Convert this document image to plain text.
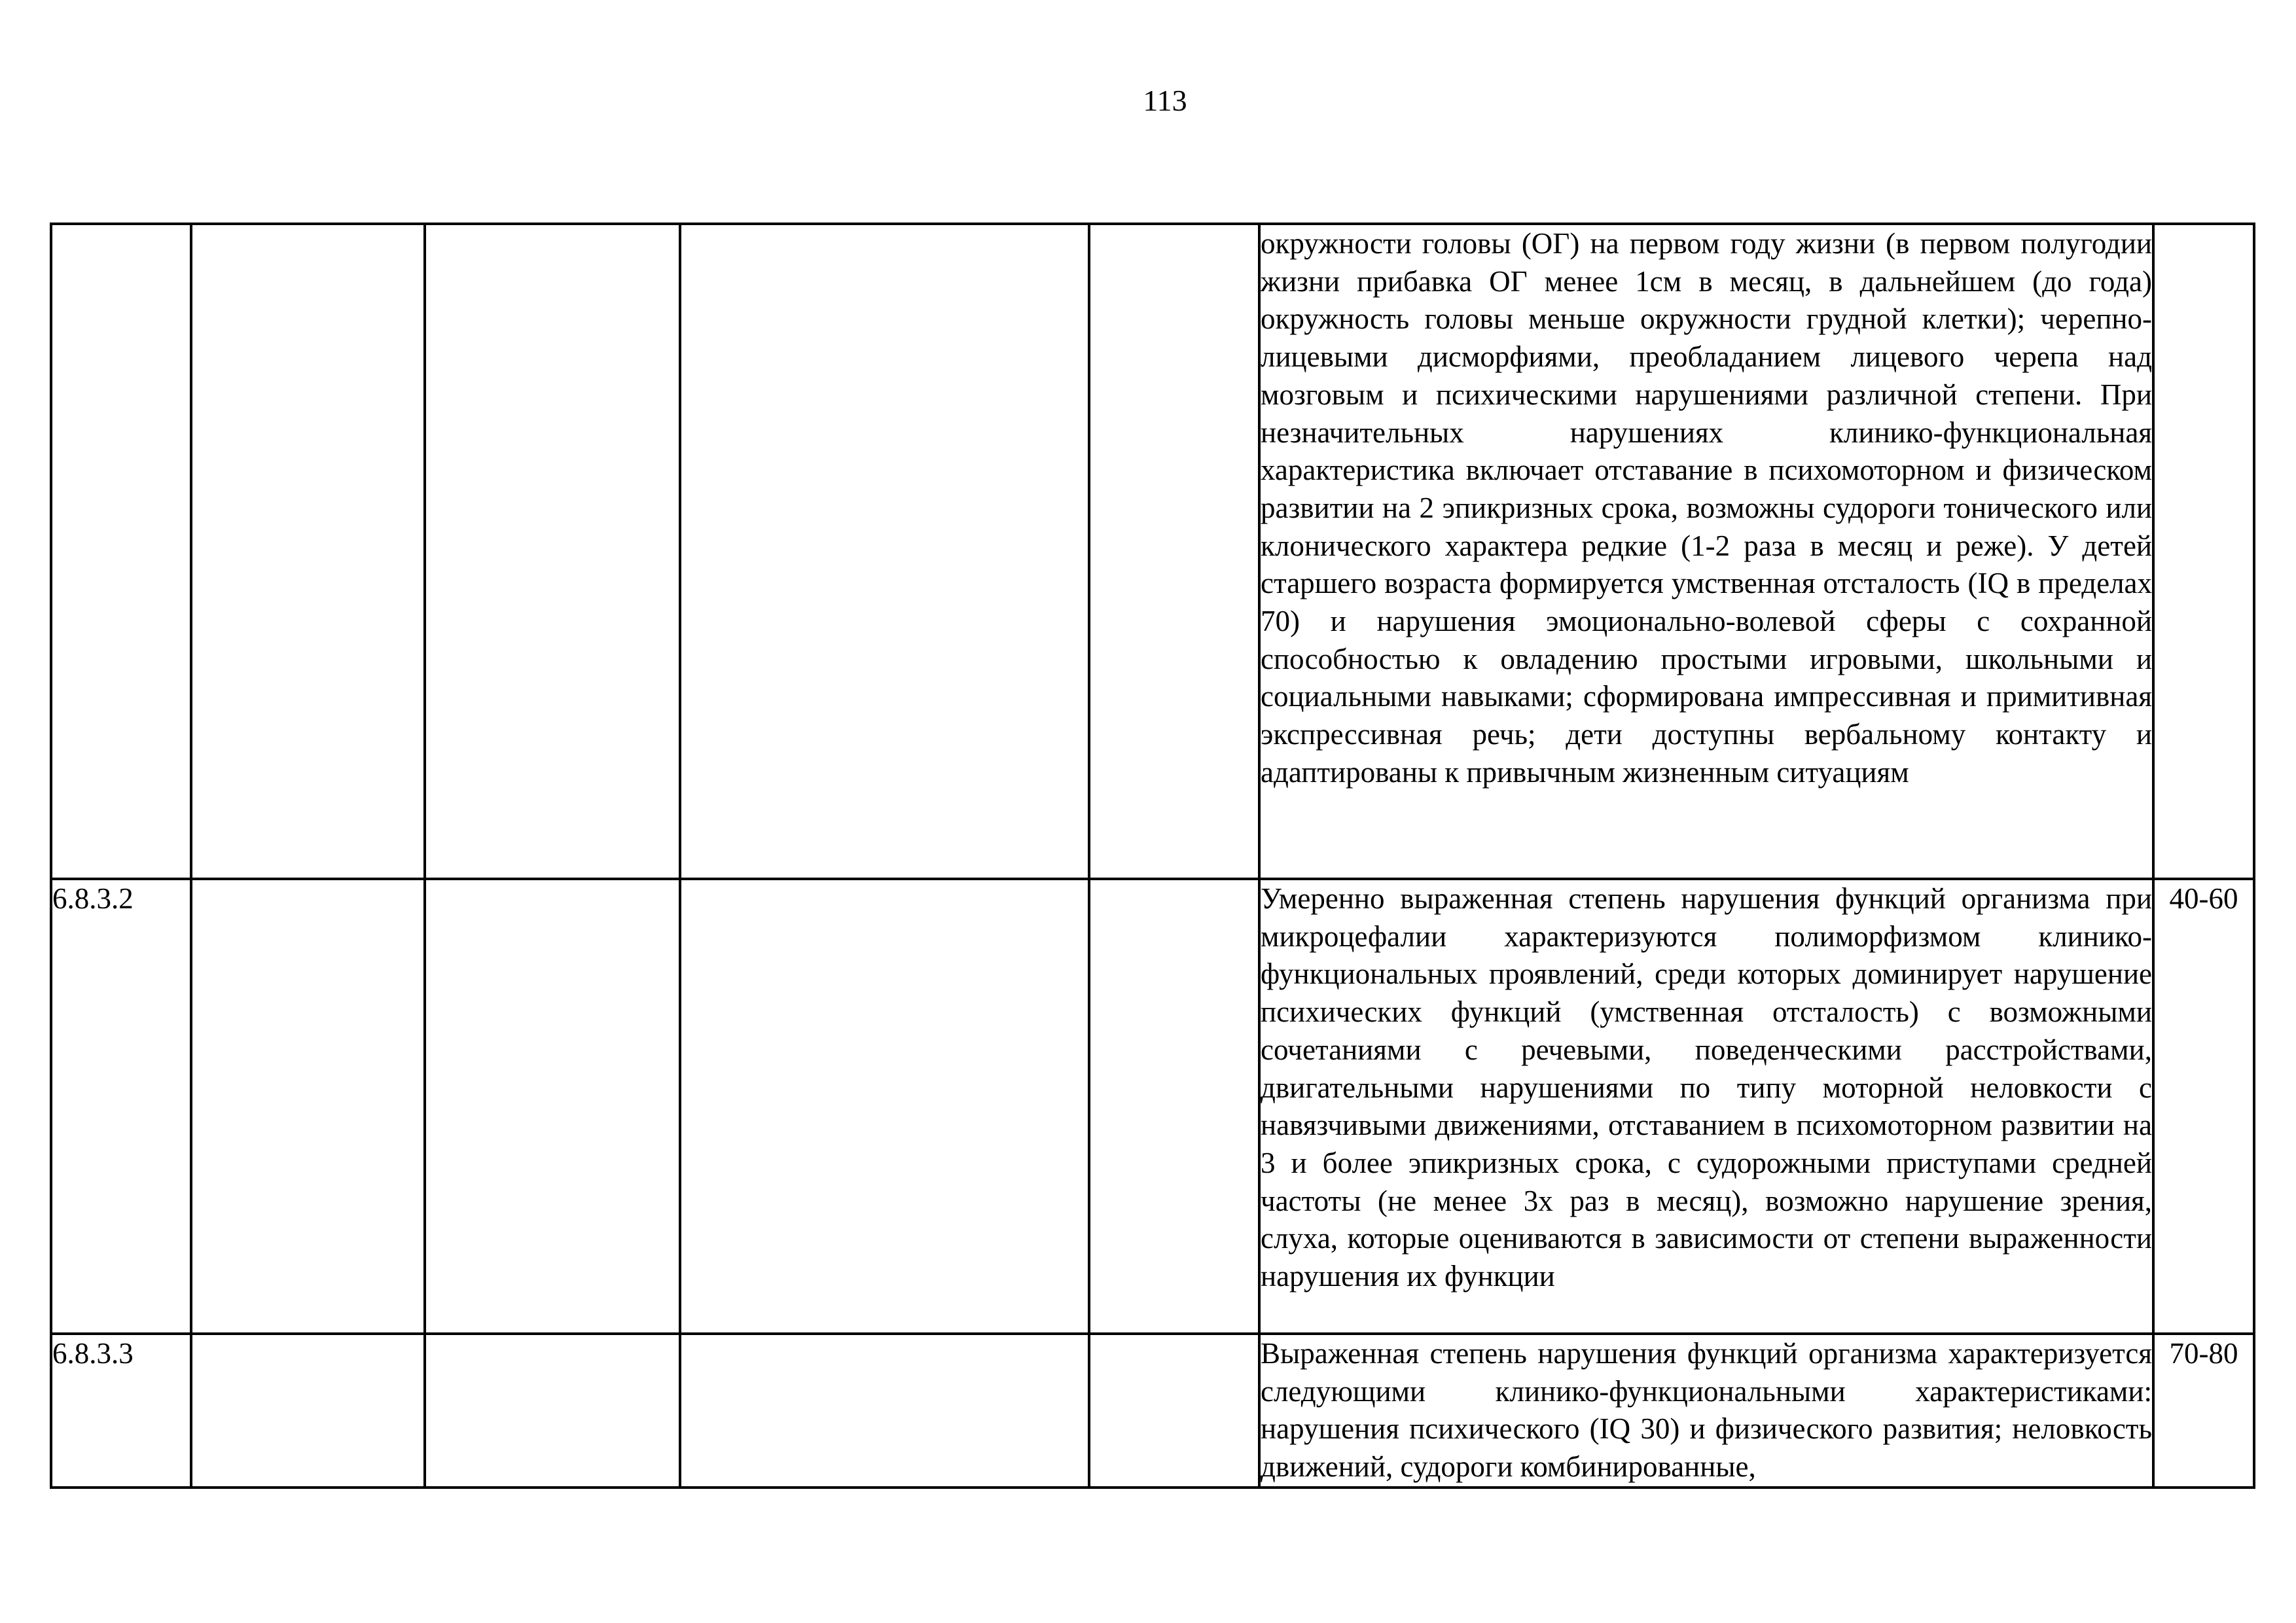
113
					окружности головы (ОГ) на первом году жизни (в первом полугодии жизни прибавка ОГ менее 1см в месяц, в дальнейшем (до года) окружность головы меньше окружности грудной клетки); черепно-лицевыми дисморфиями, преобладанием лицевого черепа над мозговым и психическими нарушениями различной степени. При незначительных нарушениях клинико-функциональная характеристика включает отставание в психомоторном и физическом развитии на 2 эпикризных срока, возможны судороги тонического или клонического характера редкие (1-2 раза в месяц и реже). У детей старшего возраста формируется умственная отсталость (IQ в пределах 70) и нарушения эмоционально-волевой сферы с сохранной способностью к овладению простыми игровыми, школьными и социальными навыками; сформирована импрессивная и примитивная экспрессивная речь; дети доступны вербальному контакту и адаптированы к привычным жизненным ситуациям	
6.8.3.2					Умеренно выраженная степень нарушения функций организма при микроцефалии характеризуются полиморфизмом клинико-функциональных проявлений, среди которых доминирует нарушение психических функций (умственная отсталость) с возможными сочетаниями с речевыми, поведенческими расстройствами, двигательными нарушениями по типу моторной неловкости с навязчивыми движениями, отставанием в психомоторном развитии на 3 и более эпикризных срока, с судорожными приступами средней частоты (не менее 3х раз в месяц), возможно нарушение зрения, слуха, которые оцениваются в зависимости от степени выраженности нарушения их функции	40-60
6.8.3.3					Выраженная степень нарушения функций организма характеризуется следующими клинико-функциональными характеристиками: нарушения психического (IQ 30) и физического развития; неловкость движений, судороги комбинированные,	70-80
